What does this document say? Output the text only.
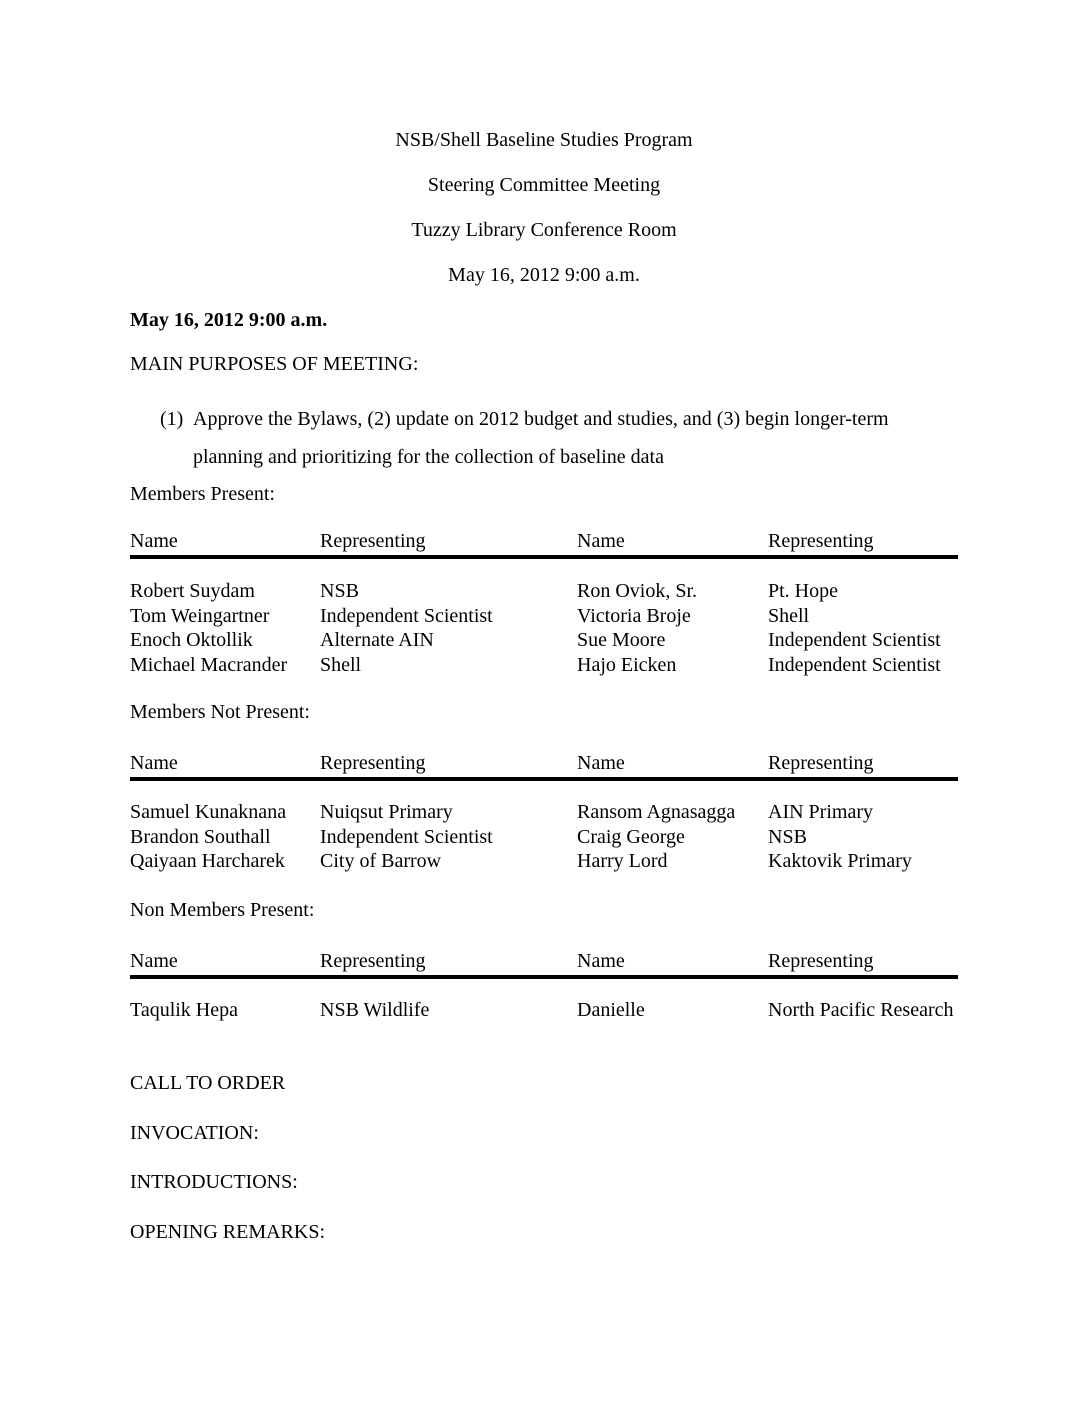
NSB/Shell Baseline Studies Program
Steering Committee Meeting
Tuzzy Library Conference Room
May 16, 2012 9:00 a.m.
May 16, 2012 9:00 a.m.
MAIN PURPOSES OF MEETING:
(1) Approve the Bylaws, (2) update on 2012 budget and studies, and (3) begin longer-term
planning and prioritizing for the collection of baseline data
Members Present:
Name	Representing	Name	Representing
Robert Suydam	NSB	Ron Oviok, Sr.	Pt. Hope
Tom Weingartner	Independent Scientist	Victoria Broje	Shell
Enoch Oktollik	Alternate AIN	Sue Moore	Independent Scientist
Michael Macrander	Shell	Hajo Eicken	Independent Scientist
Members Not Present:
Name	Representing	Name	Representing
Samuel Kunaknana	Nuiqsut Primary	Ransom Agnasagga	AIN Primary
Brandon Southall	Independent Scientist	Craig George	NSB
Qaiyaan Harcharek	City of Barrow	Harry Lord	Kaktovik Primary
Non Members Present:
Name	Representing	Name	Representing
Taqulik Hepa	NSB Wildlife	Danielle	North Pacific Research
CALL TO ORDER
INVOCATION:
INTRODUCTIONS:
OPENING REMARKS:
